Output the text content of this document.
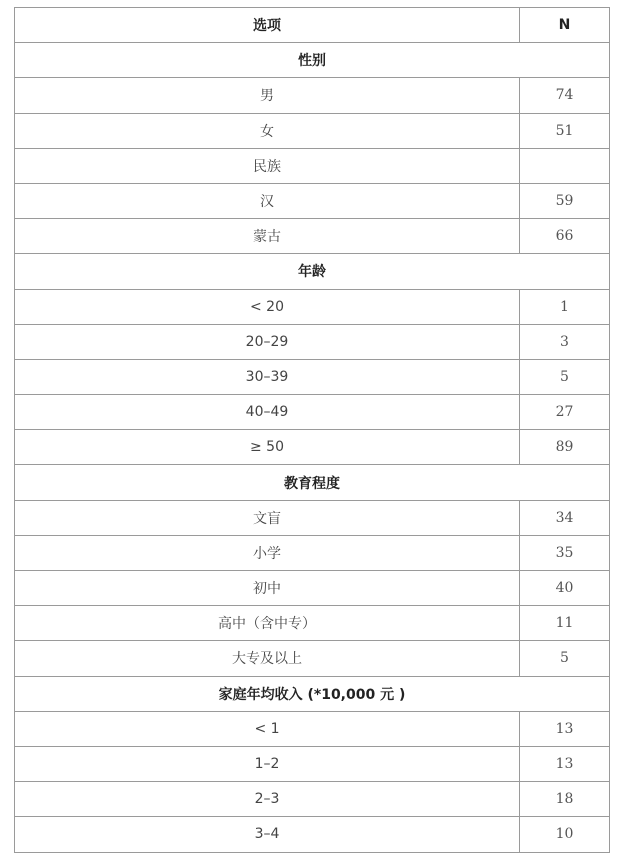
选项	N
性别	
男	74
女	51
民族	
汉	59
蒙古	66
年龄	
< 20	1
20–29	3
30–39	5
40–49	27
≥ 50	89
教育程度	
文盲	34
小学	35
初中	40
高中（含中专）	11
大专及以上	5
家庭年均收入 (*10,000 元 )	
< 1	13
1–2	13
2–3	18
3–4	10
